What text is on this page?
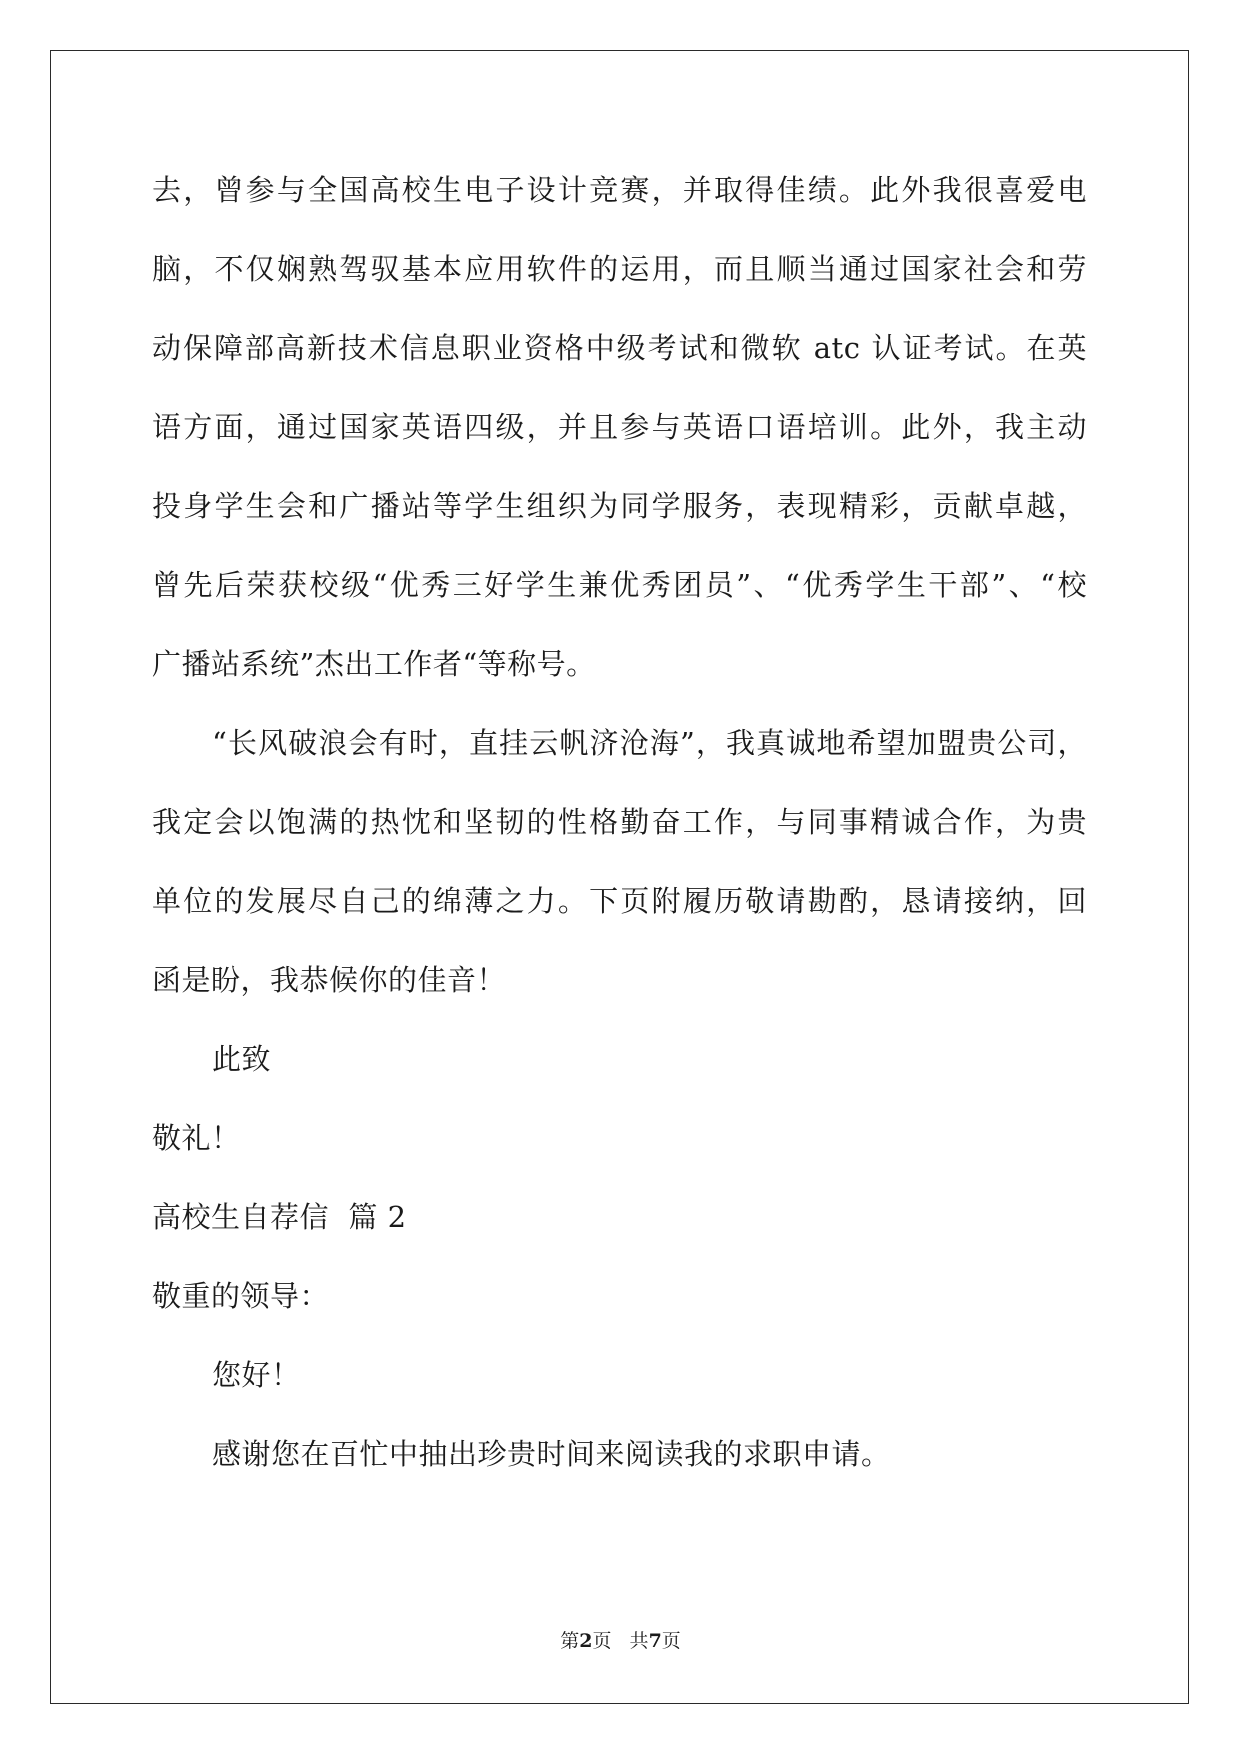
去，曾参与全国高校生电子设计竞赛，并取得佳绩。此外我很喜爱电
脑，不仅娴熟驾驭基本应用软件的运用，而且顺当通过国家社会和劳
动保障部高新技术信息职业资格中级考试和微软 atc 认证考试。在英
语方面，通过国家英语四级，并且参与英语口语培训。此外，我主动
投身学生会和广播站等学生组织为同学服务，表现精彩，贡献卓越，
曾先后荣获校级“优秀三好学生兼优秀团员”、“优秀学生干部”、“校
广播站系统”杰出工作者“等称号。
“长风破浪会有时，直挂云帆济沧海”，我真诚地希望加盟贵公司，
我定会以饱满的热忱和坚韧的性格勤奋工作，与同事精诚合作，为贵
单位的发展尽自己的绵薄之力。下页附履历敬请勘酌，恳请接纳，回
函是盼，我恭候你的佳音！
此致
敬礼！
高校生自荐信  篇 2
敬重的领导：
您好！
感谢您在百忙中抽出珍贵时间来阅读我的求职申请。
第2页   共7页
